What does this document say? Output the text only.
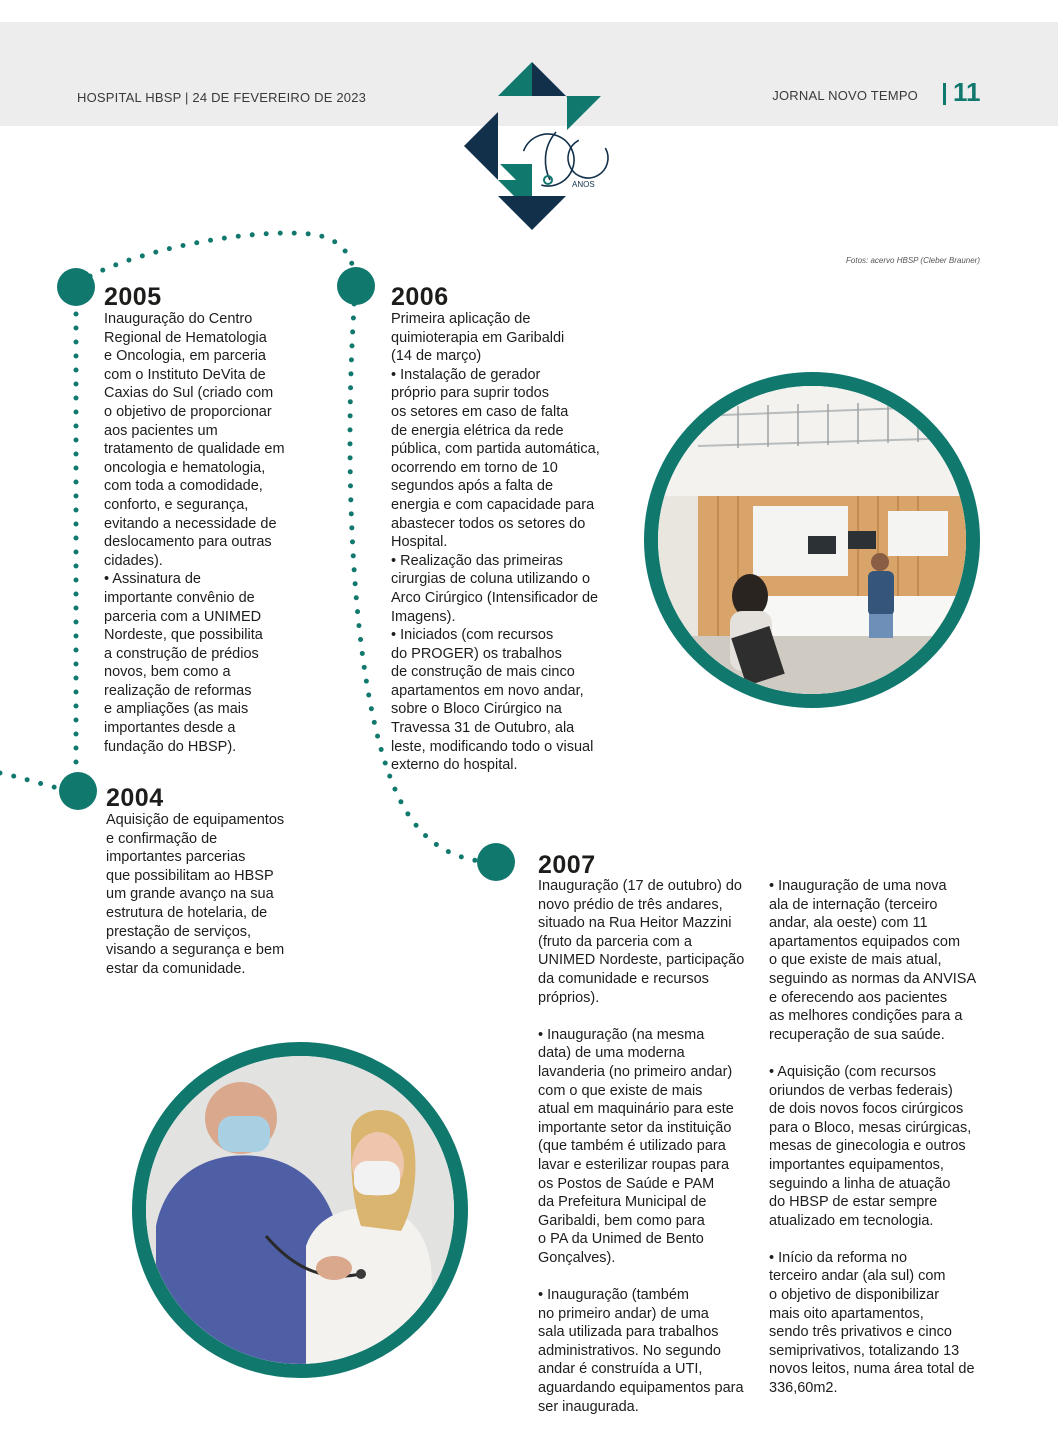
HOSPITAL HBSP | 24 DE FEVEREIRO DE 2023	JORNAL NOVO TEMPO 11
ANOS
Fotos: acervo HBSP (Cleber Brauner)
2005

Inauguração do Centro
Regional de Hematologia
e Oncologia, em parceria
com o Instituto DeVita de
Caxias do Sul (criado com
o objetivo de proporcionar
aos pacientes um
tratamento de qualidade em
oncologia e hematologia,
com toda a comodidade,
conforto, e segurança,
evitando a necessidade de
deslocamento para outras
cidades).

• Assinatura de
importante convênio de
parceria com a UNIMED
Nordeste, que possibilita
a construção de prédios
novos, bem como a
realização de reformas
e ampliações (as mais
importantes desde a
fundação do HBSP).

2006

Primeira aplicação de
quimioterapia em Garibaldi
(14 de março)

• Instalação de gerador
próprio para suprir todos
os setores em caso de falta
de energia elétrica da rede
pública, com partida automática,
ocorrendo em torno de 10
segundos após a falta de
energia e com capacidade para
abastecer todos os setores do
Hospital.

• Realização das primeiras
cirurgias de coluna utilizando o
Arco Cirúrgico (Intensificador de
Imagens).

• Iniciados (com recursos
do PROGER) os trabalhos
de construção de mais cinco
apartamentos em novo andar,
sobre o Bloco Cirúrgico na
Travessa 31 de Outubro, ala
leste, modificando todo o visual
externo do hospital.

2004

Aquisição de equipamentos
e confirmação de
importantes parcerias
que possibilitam ao HBSP
um grande avanço na sua
estrutura de hotelaria, de
prestação de serviços,
visando a segurança e bem
estar da comunidade.

2007

Inauguração (17 de outubro) do
novo prédio de três andares,
situado na Rua Heitor Mazzini
(fruto da parceria com a
UNIMED Nordeste, participação
da comunidade e recursos
próprios).

• Inauguração (na mesma
data) de uma moderna
lavanderia (no primeiro andar)
com o que existe de mais
atual em maquinário para este
importante setor da instituição
(que também é utilizado para
lavar e esterilizar roupas para
os Postos de Saúde e PAM
da Prefeitura Municipal de
Garibaldi, bem como para
o PA da Unimed de Bento
Gonçalves).

• Inauguração (também
no primeiro andar) de uma
sala utilizada para trabalhos
administrativos. No segundo
andar é construída a UTI,
aguardando equipamentos para
ser inaugurada.

• Inauguração de uma nova
ala de internação (terceiro
andar, ala oeste) com 11
apartamentos equipados com
o que existe de mais atual,
seguindo as normas da ANVISA
e oferecendo aos pacientes
as melhores condições para a
recuperação de sua saúde.

• Aquisição (com recursos
oriundos de verbas federais)
de dois novos focos cirúrgicos
para o Bloco, mesas cirúrgicas,
mesas de ginecologia e outros
importantes equipamentos,
seguindo a linha de atuação
do HBSP de estar sempre
atualizado em tecnologia.

• Início da reforma no
terceiro andar (ala sul) com
o objetivo de disponibilizar
mais oito apartamentos,
sendo três privativos e cinco
semiprivativos, totalizando 13
novos leitos, numa área total de
336,60m2.
